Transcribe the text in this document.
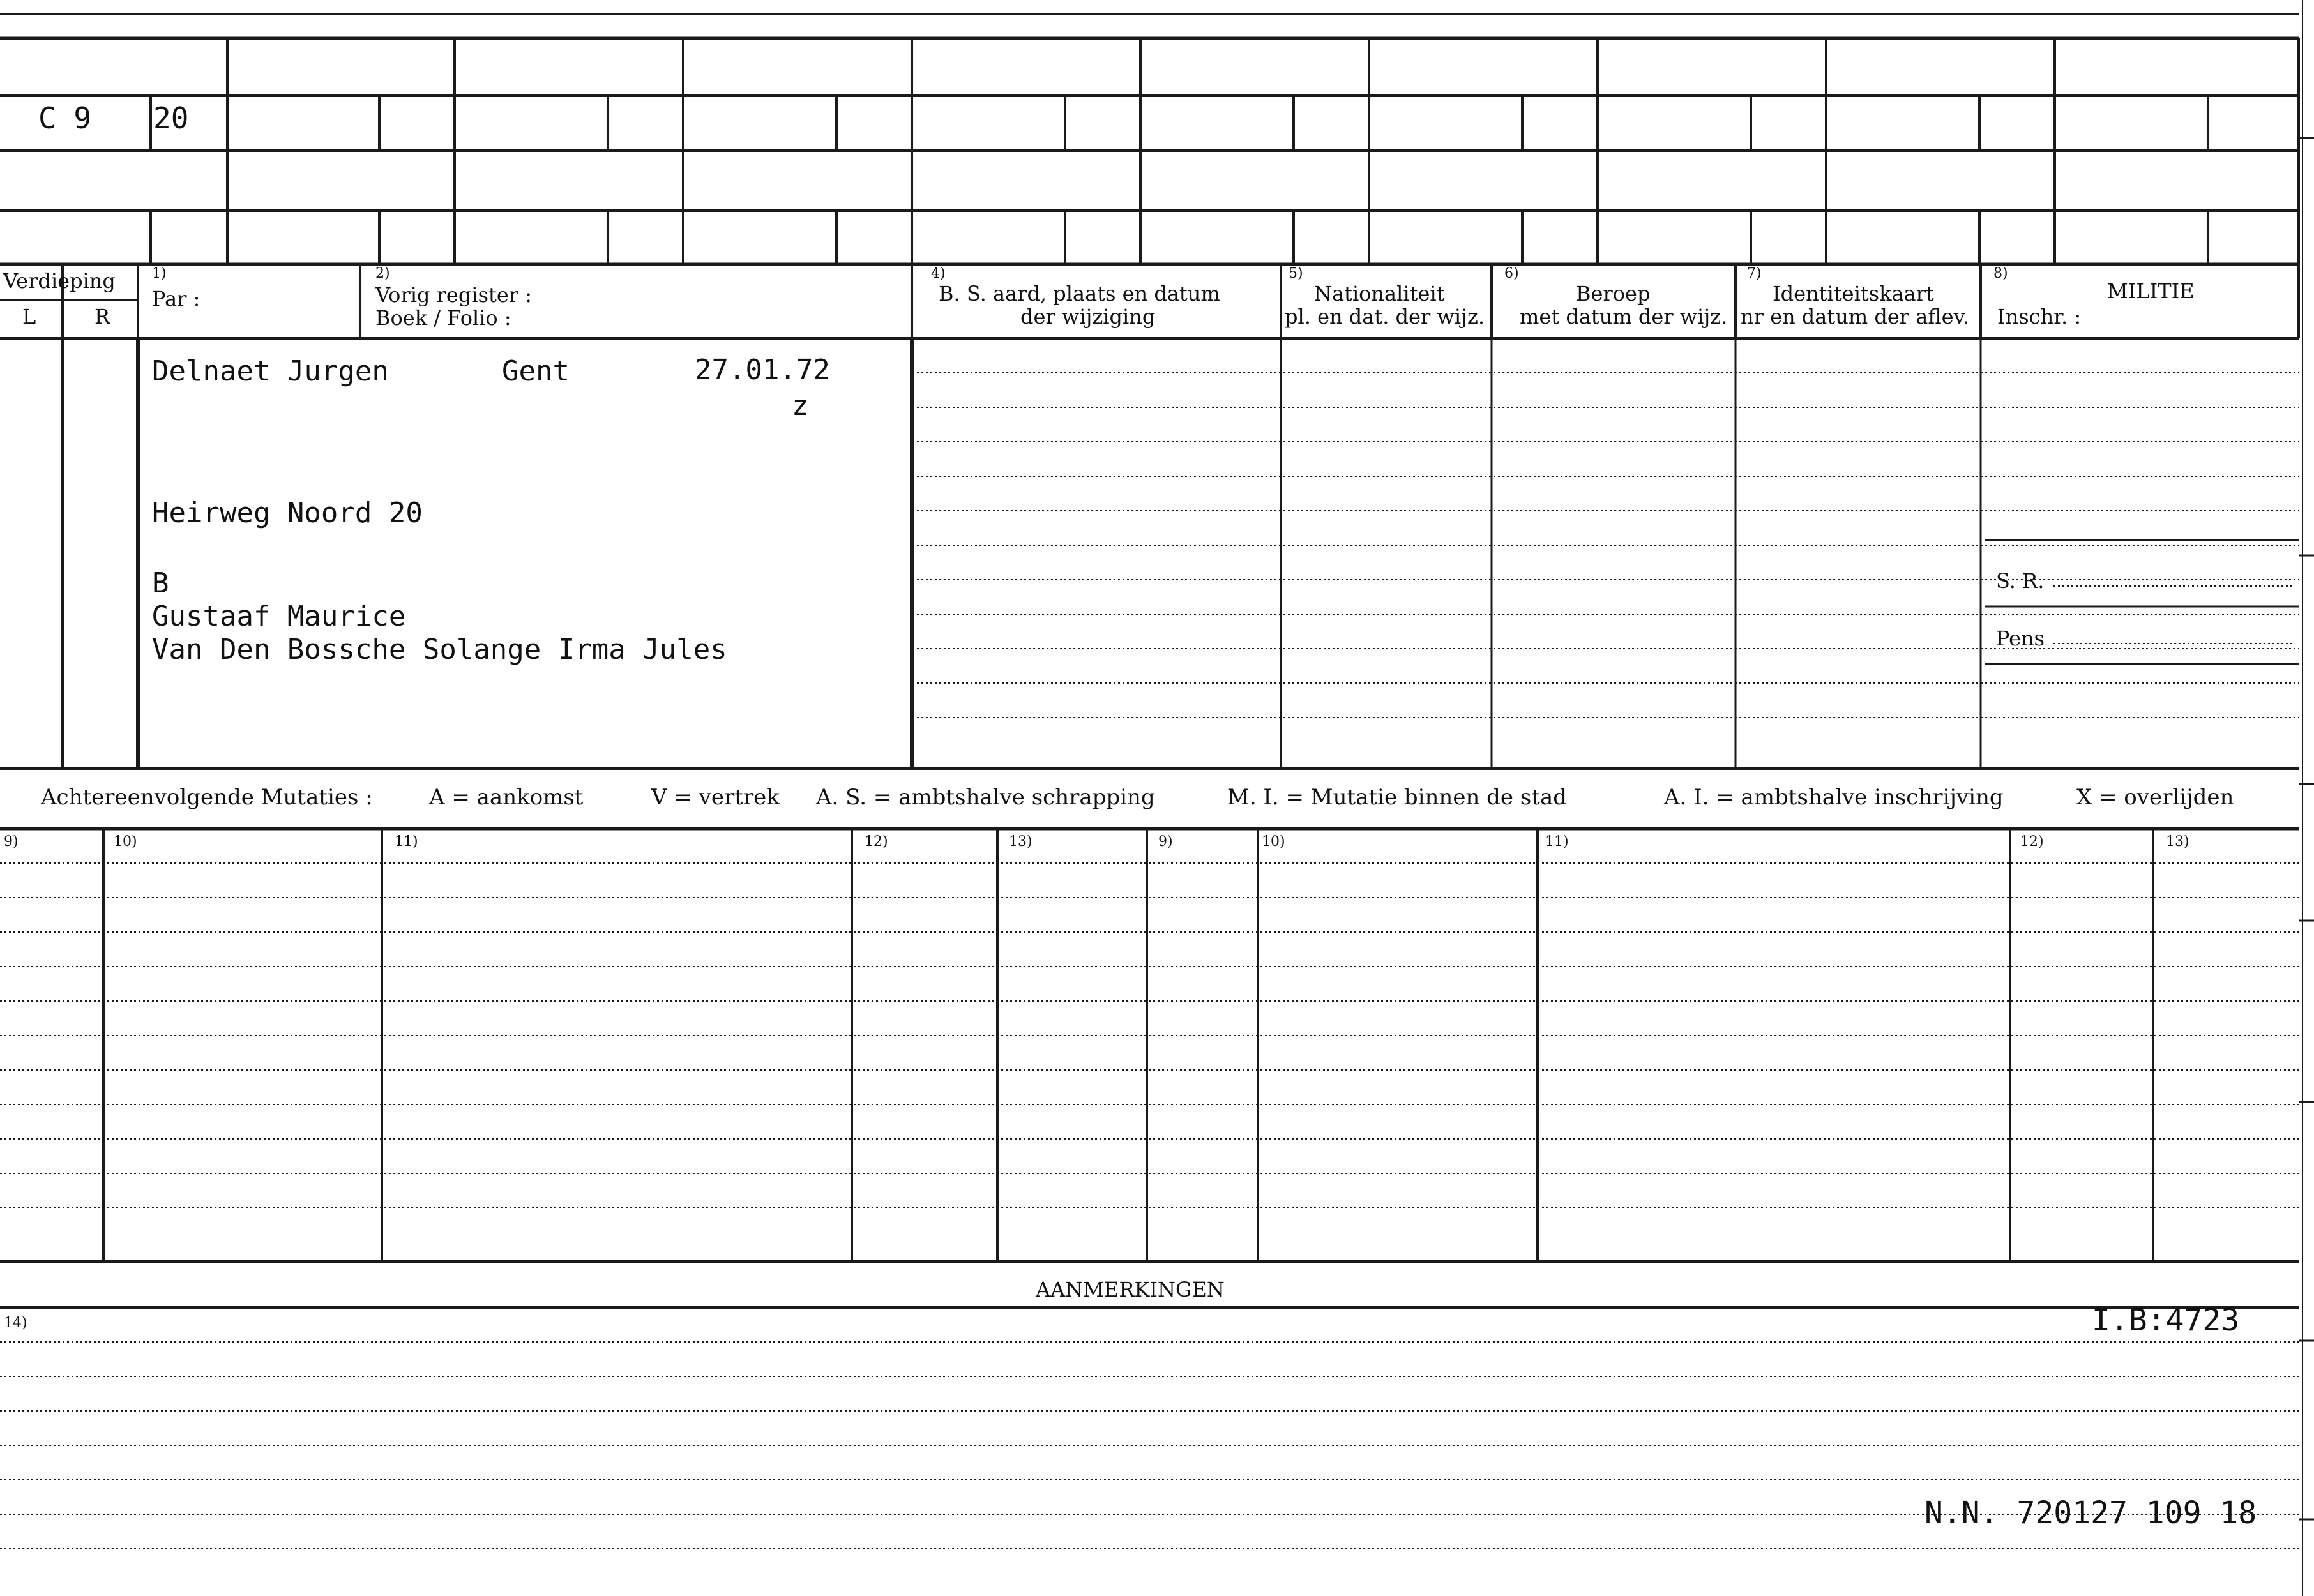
C 9 20
Verdieping
L	R
1)
Par :
2)
Vorig register :
Boek / Folio :
4)
B. S. aard, plaats en datum
der wijziging
5)
Nationaliteit
pl. en dat. der wijz.
6)
Beroep
met datum der wijz.
7)
Identiteitskaart
nr en datum der aflev.
8)
MILITIE
Inschr. :
Delnaet Jurgen	Gent	27.01.72
z
Heirweg Noord 20
B
Gustaaf Maurice
Van Den Bossche Solange Irma Jules
S. R.
Pens
Achtereenvolgende Mutaties :	A = aankomst	V = vertrek A. S. = ambtshalve schrapping	M. I. = Mutatie binnen de stad	A. I. = ambtshalve inschrijving	X = overlijden
9)	10)	11)	12)	13)	9)	10)	11)	12)	13)
AANMERKINGEN
14)	I.B:4723
N.N. 720127 109 18
